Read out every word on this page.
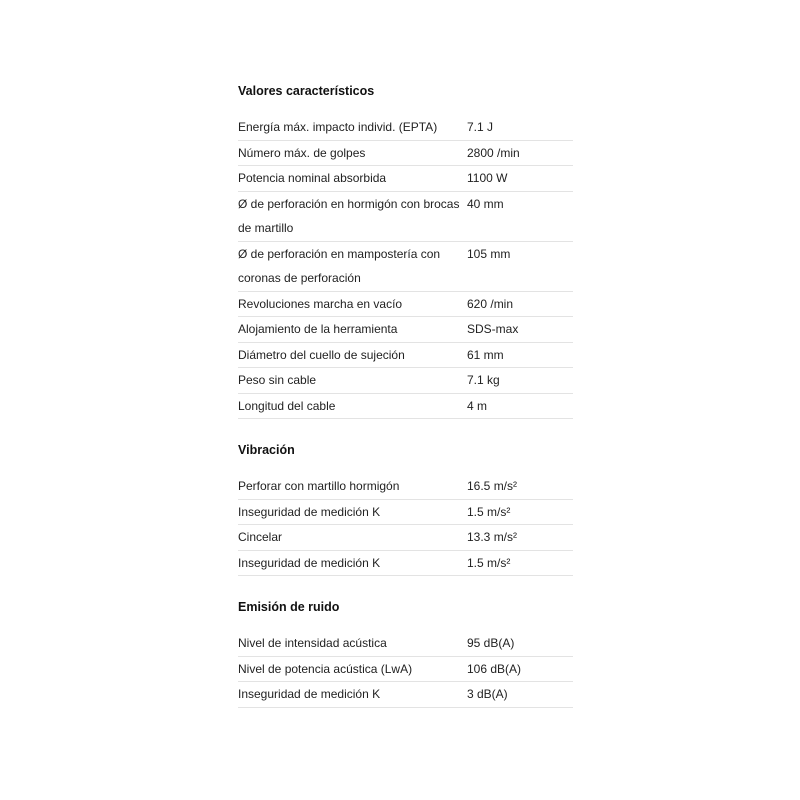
Valores característicos
Energía máx. impacto individ. (EPTA)	7.1 J
Número máx. de golpes	2800 /min
Potencia nominal absorbida	1100 W
Ø de perforación en hormigón con brocas de martillo	40 mm
Ø de perforación en mampostería con coronas de perforación	105 mm
Revoluciones marcha en vacío	620 /min
Alojamiento de la herramienta	SDS-max
Diámetro del cuello de sujeción	61 mm
Peso sin cable	7.1 kg
Longitud del cable	4 m
Vibración
Perforar con martillo hormigón	16.5 m/s²
Inseguridad de medición K	1.5 m/s²
Cincelar	13.3 m/s²
Inseguridad de medición K	1.5 m/s²
Emisión de ruido
Nivel de intensidad acústica	95 dB(A)
Nivel de potencia acústica (LwA)	106 dB(A)
Inseguridad de medición K	3 dB(A)
